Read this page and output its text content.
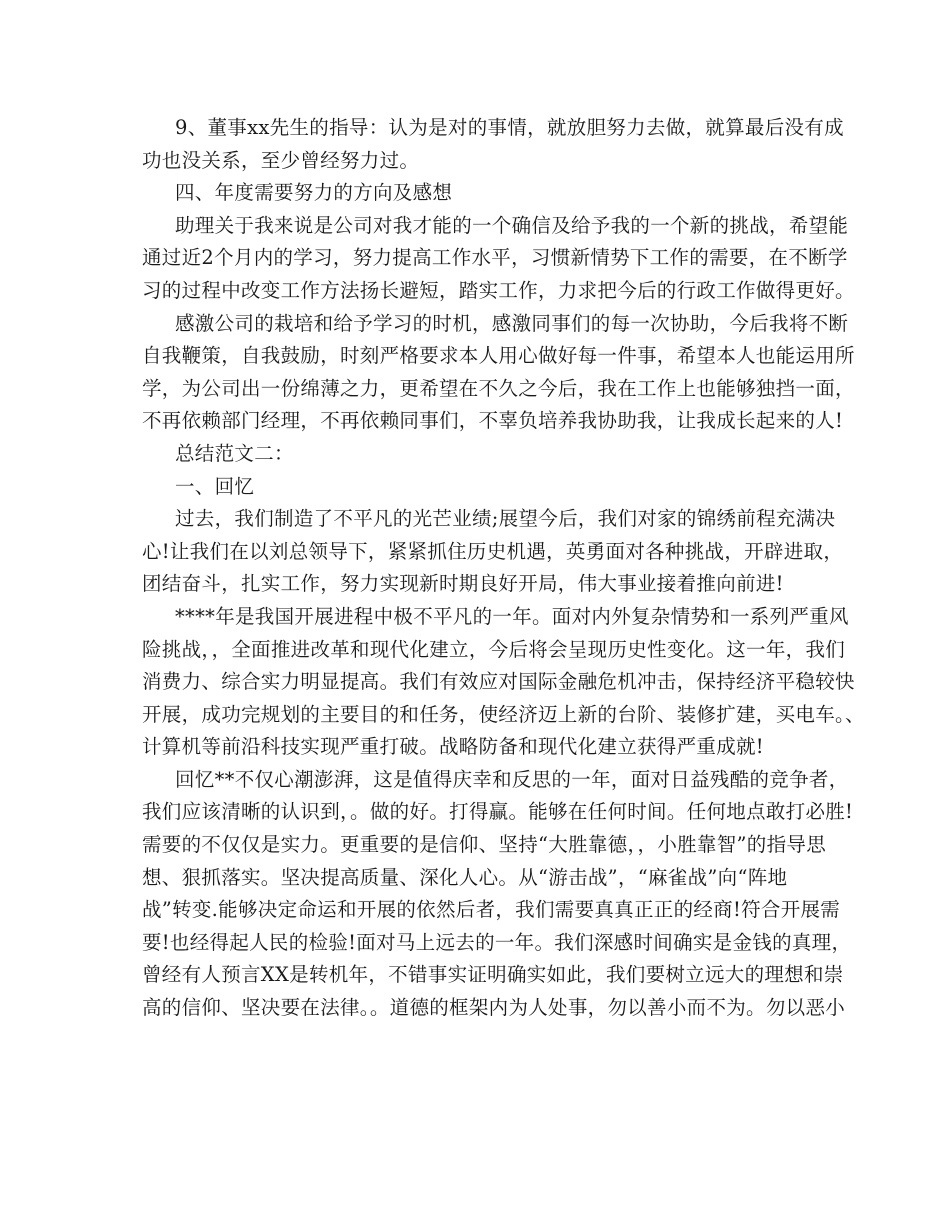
9、董事xx先生的指导：认为是对的事情，就放胆努力去做，就算最后没有成
功也没关系，至少曾经努力过。
四、年度需要努力的方向及感想
助理关于我来说是公司对我才能的一个确信及给予我的一个新的挑战，希望能
通过近2个月内的学习，努力提高工作水平，习惯新情势下工作的需要，在不断学
习的过程中改变工作方法扬长避短，踏实工作，力求把今后的行政工作做得更好。
感激公司的栽培和给予学习的时机，感激同事们的每一次协助，今后我将不断
自我鞭策，自我鼓励，时刻严格要求本人用心做好每一件事，希望本人也能运用所
学，为公司出一份绵薄之力，更希望在不久之今后，我在工作上也能够独挡一面，
不再依赖部门经理，不再依赖同事们，不辜负培养我协助我，让我成长起来的人!
总结范文二：
一、回忆
过去，我们制造了不平凡的光芒业绩;展望今后，我们对家的锦绣前程充满决
心!让我们在以刘总领导下，紧紧抓住历史机遇，英勇面对各种挑战，开辟进取，
团结奋斗，扎实工作，努力实现新时期良好开局，伟大事业接着推向前进!
****年是我国开展进程中极不平凡的一年。面对内外复杂情势和一系列严重风
险挑战，，全面推进改革和现代化建立，今后将会呈现历史性变化。这一年，我们
消费力、综合实力明显提高。我们有效应对国际金融危机冲击，保持经济平稳较快
开展，成功完规划的主要目的和任务，使经济迈上新的台阶、装修扩建，买电车。、
计算机等前沿科技实现严重打破。战略防备和现代化建立获得严重成就!
回忆**不仅心潮澎湃，这是值得庆幸和反思的一年，面对日益残酷的竞争者，
我们应该清晰的认识到，。做的好。打得赢。能够在任何时间。任何地点敢打必胜!
需要的不仅仅是实力。更重要的是信仰、坚持“大胜靠德，，小胜靠智”的指导思
想、狠抓落实。坚决提高质量、深化人心。从“游击战”，“麻雀战”向“阵地
战”转变.能够决定命运和开展的依然后者，我们需要真真正正的经商!符合开展需
要!也经得起人民的检验!面对马上远去的一年。我们深感时间确实是金钱的真理，
曾经有人预言XX是转机年，不错事实证明确实如此，我们要树立远大的理想和崇
高的信仰、坚决要在法律。。道德的框架内为人处事，勿以善小而不为。勿以恶小
